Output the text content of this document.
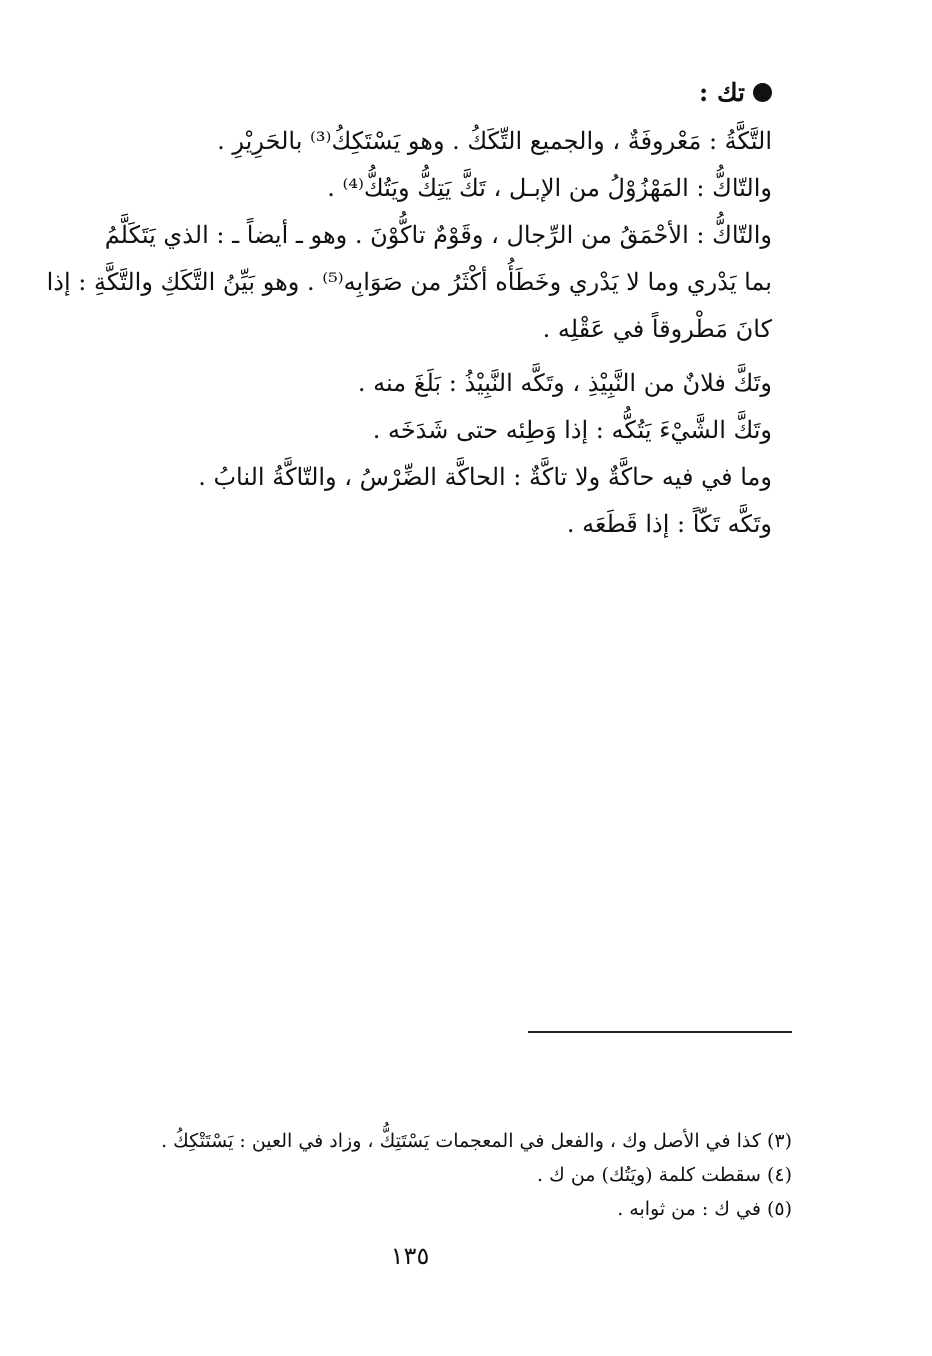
تك :
التَّكَّةُ : مَعْروفَةٌ ، والجميع التِّكَكُ . وهو يَسْتَكِكُ⁽³⁾ بالحَرِيْرِ .
والتّاكُّ : المَهْزُوْلُ من الإبـل ، تَكَّ يَتِكُّ ويَتُكُّ⁽⁴⁾ .
والتّاكُّ : الأحْمَقُ من الرِّجال ، وقَوْمٌ تاكُّوْنَ . وهو ـ أيضاً ـ : الذي يَتَكَلَّمُ
بما يَدْري وما لا يَدْري وخَطَأُه أكْثَرُ من صَوَابِه⁽⁵⁾ . وهو بَيِّنُ التَّكَكِ والتَّكَّةِ : إذا
كانَ مَطْروقاً في عَقْلِه .
وتَكَّ فلانٌ من النَّبِيْذِ ، وتَكَّه النَّبِيْذُ : بَلَغَ منه .
وتَكَّ الشَّيْءَ يَتُكُّه : إذا وَطِئه حتى شَدَخَه .
وما في فيه حاكَّةٌ ولا تاكَّةٌ : الحاكَّة الضِّرْسُ ، والتّاكَّةُ النابُ .
وتَكَّه تَكّاً : إذا قَطَعَه .
(٣) كذا في الأصل وك ، والفعل في المعجمات يَسْتَتِكُّ ، وزاد في العين : يَسْتَتْكِكُ .
(٤) سقطت كلمة (ويَتُك) من ك .
(٥) في ك : من ثوابه .
١٣٥
